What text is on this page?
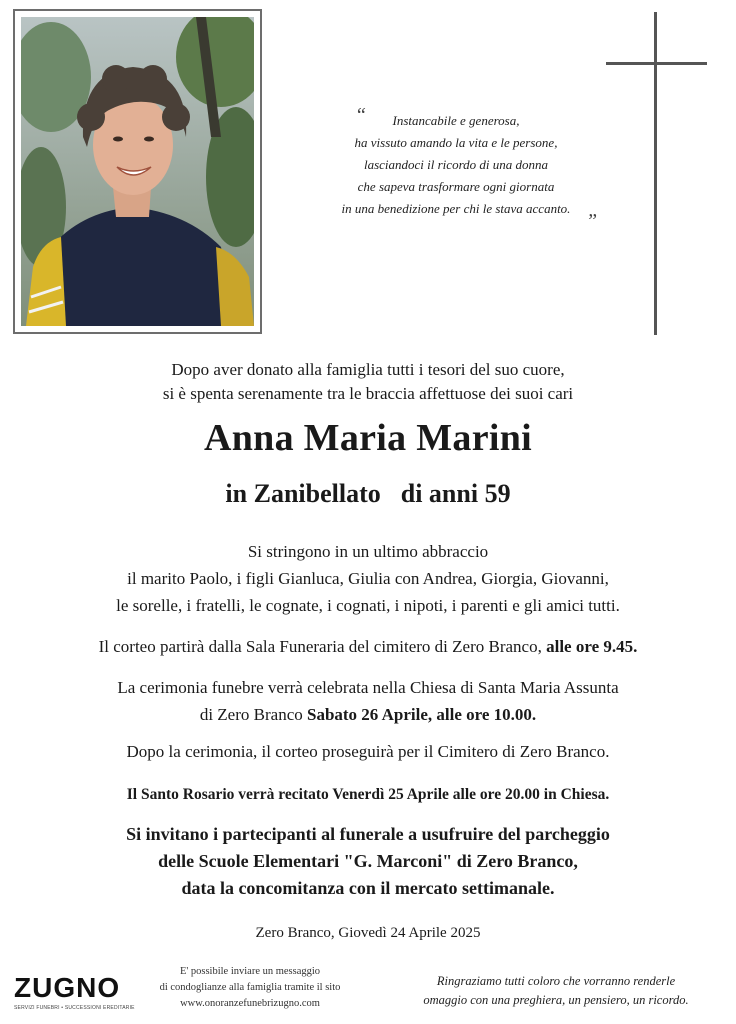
“	Instancabile e generosa,
ha vissuto amando la vita e le persone,
lasciandoci il ricordo di una donna
che sapeva trasformare ogni giornata
in una benedizione per chi le stava accanto.
”
Dopo aver donato alla famiglia tutti i tesori del suo cuore,
si è spenta serenamente tra le braccia affettuose dei suoi cari
Anna Maria Marini
in Zanibellato di anni 59
Si stringono in un ultimo abbraccio
il marito Paolo, i figli Gianluca, Giulia con Andrea, Giorgia, Giovanni,
le sorelle, i fratelli, le cognate, i cognati, i nipoti, i parenti e gli amici tutti.
Il corteo partirà dalla Sala Funeraria del cimitero di Zero Branco, alle ore 9.45.
La cerimonia funebre verrà celebrata nella Chiesa di Santa Maria Assunta
di Zero Branco Sabato 26 Aprile, alle ore 10.00.
Dopo la cerimonia, il corteo proseguirà per il Cimitero di Zero Branco.
Il Santo Rosario verrà recitato Venerdì 25 Aprile alle ore 20.00 in Chiesa.
Si invitano i partecipanti al funerale a usufruire del parcheggio
delle Scuole Elementari "G. Marconi" di Zero Branco,
data la concomitanza con il mercato settimanale.
Zero Branco, Giovedì 24 Aprile 2025
ZUGNO
SERVIZI FUNEBRI • SUCCESSIONI EREDITARIE
E' possibile inviare un messaggio
di condoglianze alla famiglia tramite il sito
www.onoranzefunebrizugno.com
Ringraziamo tutti coloro che vorranno renderle
omaggio con una preghiera, un pensiero, un ricordo.
